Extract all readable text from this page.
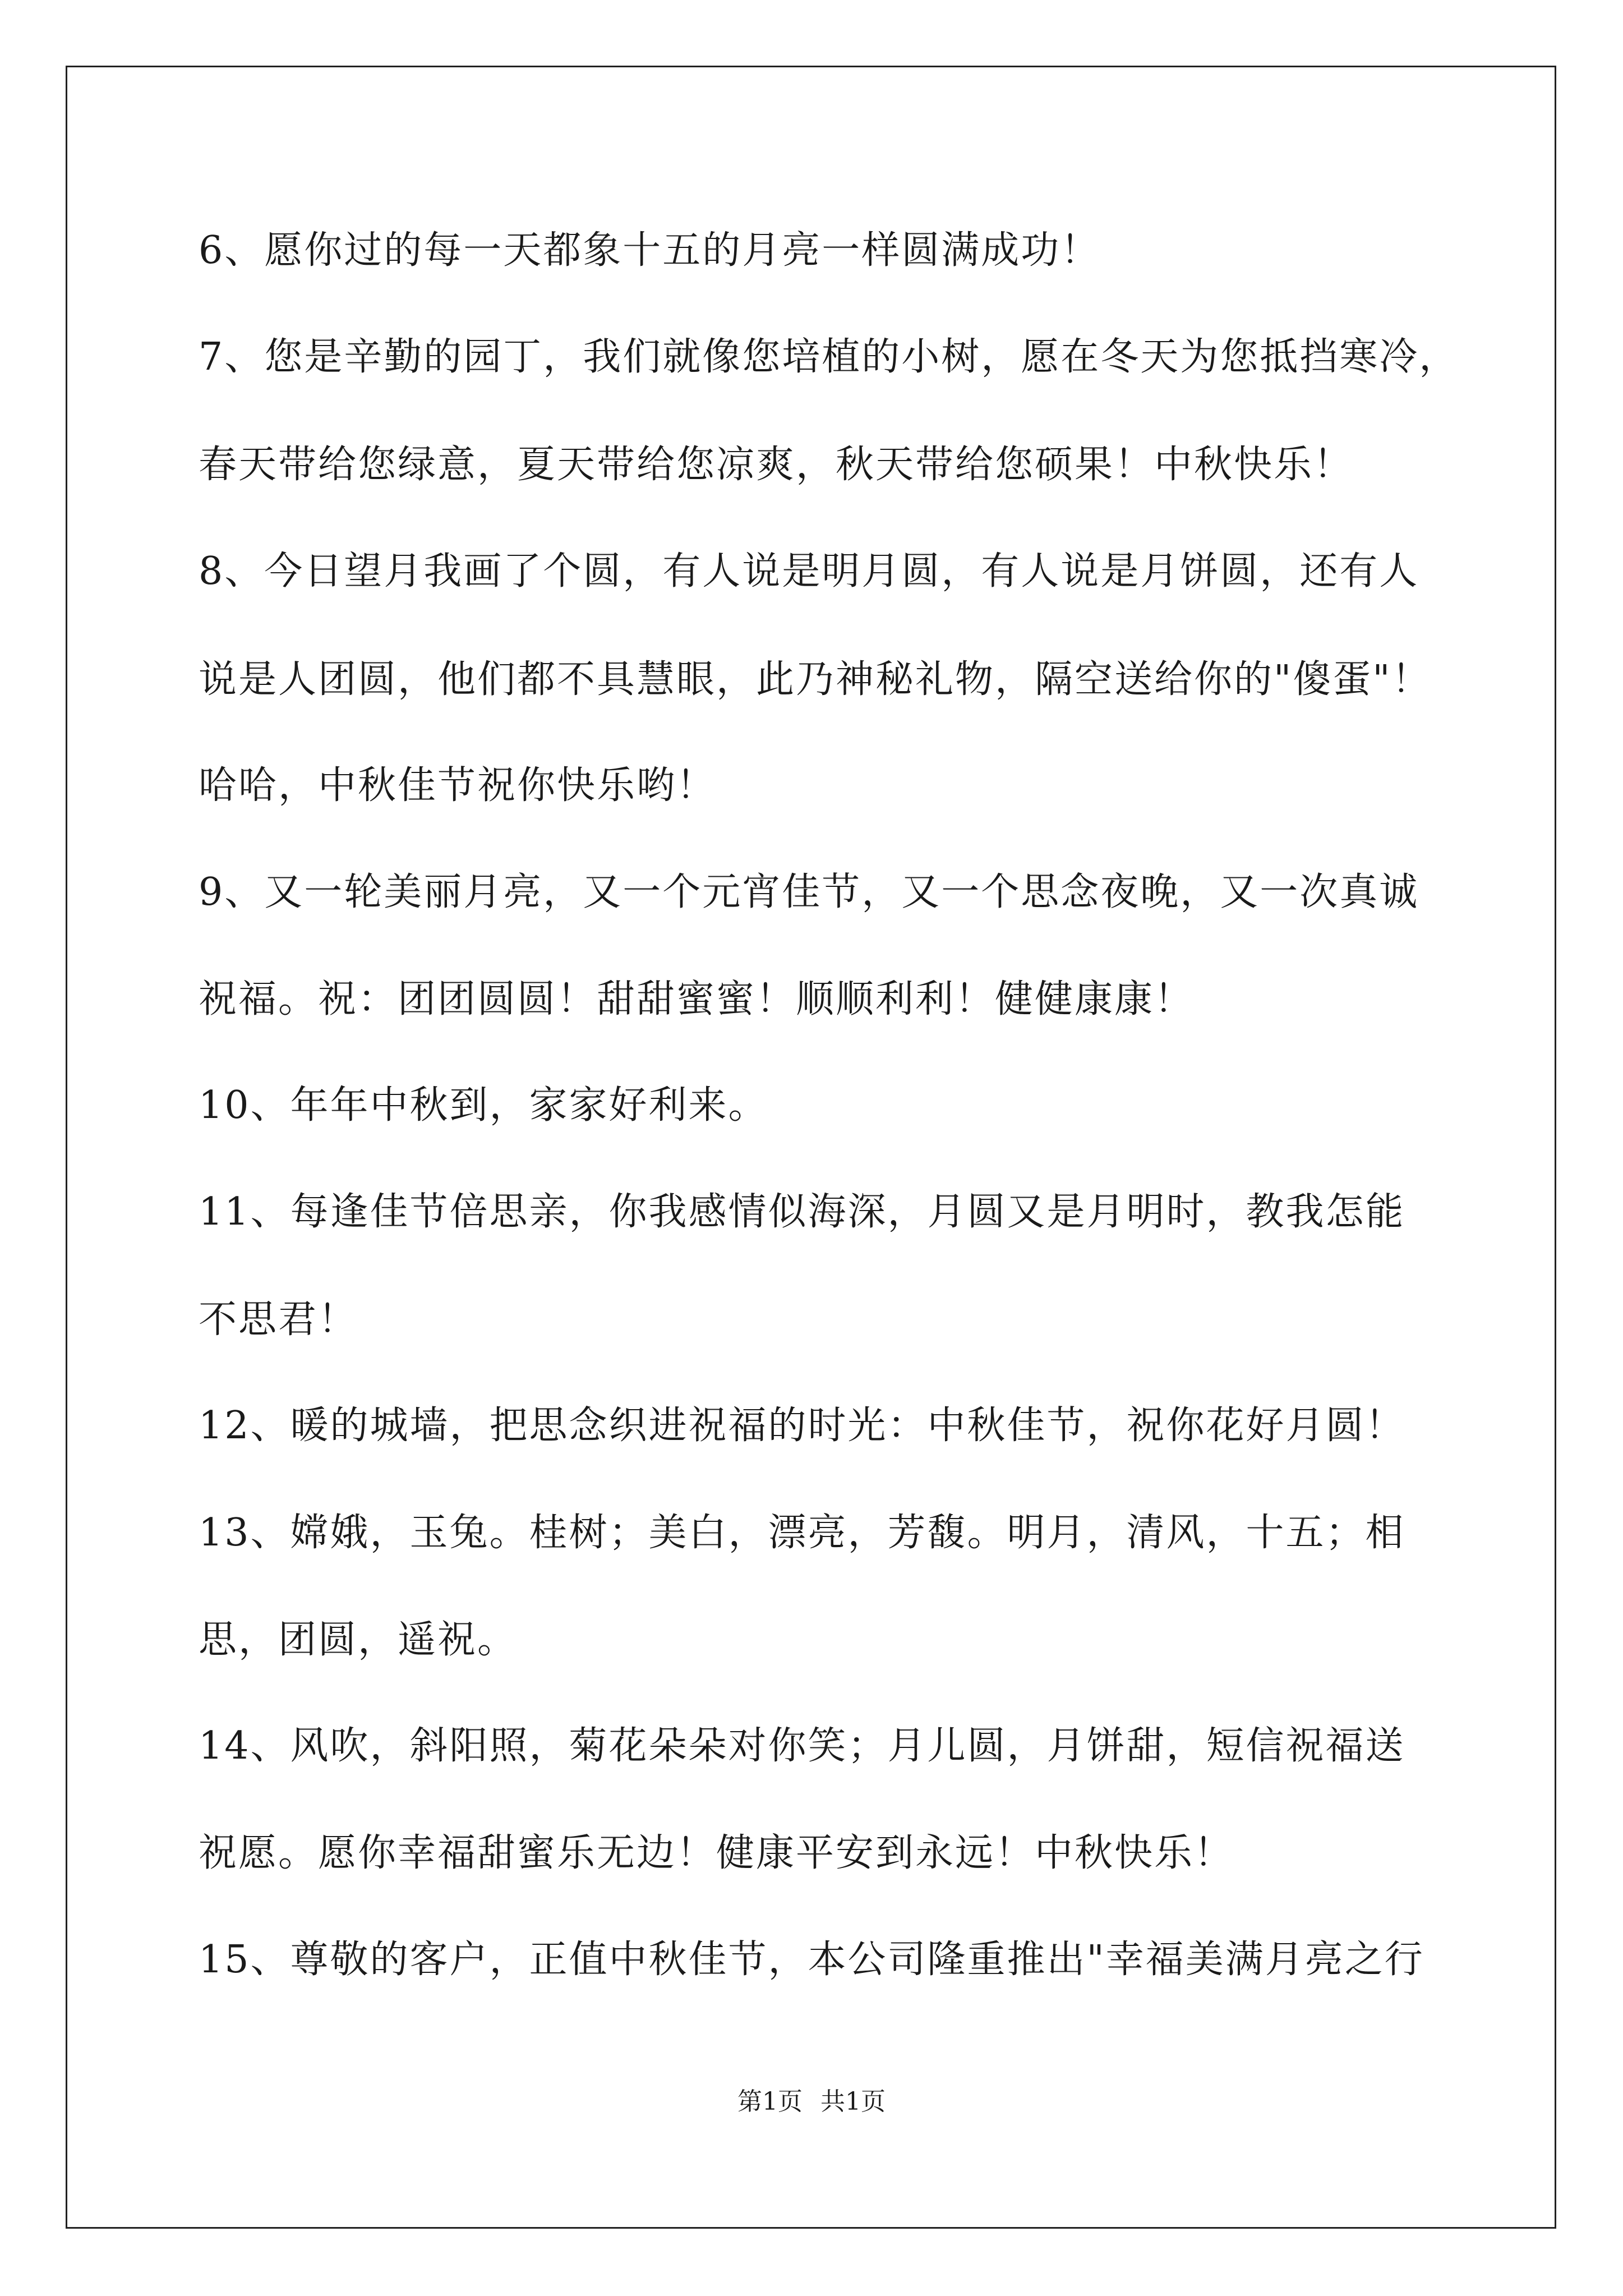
6、愿你过的每一天都象十五的月亮一样圆满成功！
7、您是辛勤的园丁，我们就像您培植的小树，愿在冬天为您抵挡寒冷，
春天带给您绿意，夏天带给您凉爽，秋天带给您硕果！中秋快乐！
8、今日望月我画了个圆，有人说是明月圆，有人说是月饼圆，还有人
说是人团圆，他们都不具慧眼，此乃神秘礼物，隔空送给你的"傻蛋"！
哈哈，中秋佳节祝你快乐哟！
9、又一轮美丽月亮，又一个元宵佳节，又一个思念夜晚，又一次真诚
祝福。祝：团团圆圆！甜甜蜜蜜！顺顺利利！健健康康！
10、年年中秋到，家家好利来。
11、每逢佳节倍思亲，你我感情似海深，月圆又是月明时，教我怎能
不思君！
12、暖的城墙，把思念织进祝福的时光：中秋佳节，祝你花好月圆！
13、嫦娥，玉兔。桂树；美白，漂亮，芳馥。明月，清风，十五；相
思，团圆，遥祝。
14、风吹，斜阳照，菊花朵朵对你笑；月儿圆，月饼甜，短信祝福送
祝愿。愿你幸福甜蜜乐无边！健康平安到永远！中秋快乐！
15、尊敬的客户，正值中秋佳节，本公司隆重推出"幸福美满月亮之行
第1页 共1页
